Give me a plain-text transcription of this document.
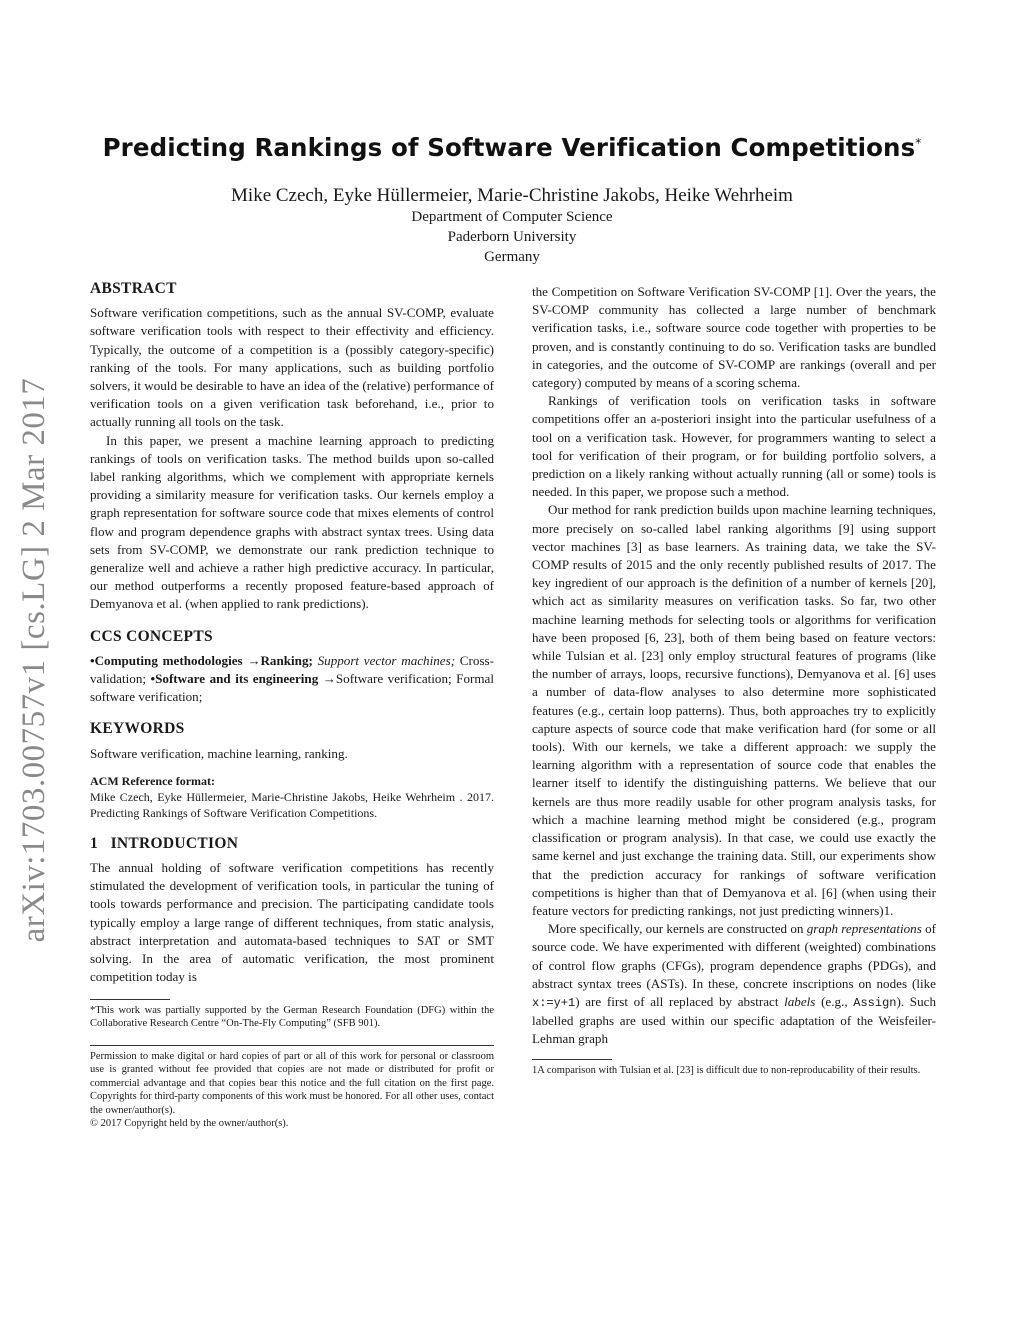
arXiv:1703.00757v1 [cs.LG] 2 Mar 2017
Predicting Rankings of Software Verification Competitions*
Mike Czech, Eyke Hüllermeier, Marie-Christine Jakobs, Heike Wehrheim
Department of Computer Science
Paderborn University
Germany
ABSTRACT

Software verification competitions, such as the annual SV-COMP, evaluate software verification tools with respect to their effectivity and efficiency. Typically, the outcome of a competition is a (possibly category-specific) ranking of the tools. For many applications, such as building portfolio solvers, it would be desirable to have an idea of the (relative) performance of verification tools on a given verification task beforehand, i.e., prior to actually running all tools on the task.

In this paper, we present a machine learning approach to predicting rankings of tools on verification tasks. The method builds upon so-called label ranking algorithms, which we complement with appropriate kernels providing a similarity measure for verification tasks. Our kernels employ a graph representation for software source code that mixes elements of control flow and program dependence graphs with abstract syntax trees. Using data sets from SV-COMP, we demonstrate our rank prediction technique to generalize well and achieve a rather high predictive accuracy. In particular, our method outperforms a recently proposed feature-based approach of Demyanova et al. (when applied to rank predictions).

CCS CONCEPTS

•Computing methodologies →Ranking; Support vector machines; Cross-validation; •Software and its engineering →Software verification; Formal software verification;

KEYWORDS

Software verification, machine learning, ranking.

ACM Reference format:

Mike Czech, Eyke Hüllermeier, Marie-Christine Jakobs, Heike Wehrheim . 2017. Predicting Rankings of Software Verification Competitions.

1   INTRODUCTION

The annual holding of software verification competitions has recently stimulated the development of verification tools, in particular the tuning of tools towards performance and precision. The participating candidate tools typically employ a large range of different techniques, from static analysis, abstract interpretation and automata-based techniques to SAT or SMT solving. In the area of automatic verification, the most prominent competition today is

*This work was partially supported by the German Research Foundation (DFG) within the Collaborative Research Centre “On-The-Fly Computing” (SFB 901).

Permission to make digital or hard copies of part or all of this work for personal or classroom use is granted without fee provided that copies are not made or distributed for profit or commercial advantage and that copies bear this notice and the full citation on the first page. Copyrights for third-party components of this work must be honored. For all other uses, contact the owner/author(s).

© 2017 Copyright held by the owner/author(s).

the Competition on Software Verification SV-COMP [1]. Over the years, the SV-COMP community has collected a large number of benchmark verification tasks, i.e., software source code together with properties to be proven, and is constantly continuing to do so. Verification tasks are bundled in categories, and the outcome of SV-COMP are rankings (overall and per category) computed by means of a scoring schema.

Rankings of verification tools on verification tasks in software competitions offer an a-posteriori insight into the particular usefulness of a tool on a verification task. However, for programmers wanting to select a tool for verification of their program, or for building portfolio solvers, a prediction on a likely ranking without actually running (all or some) tools is needed. In this paper, we propose such a method.

Our method for rank prediction builds upon machine learning techniques, more precisely on so-called label ranking algorithms [9] using support vector machines [3] as base learners. As training data, we take the SV-COMP results of 2015 and the only recently published results of 2017. The key ingredient of our approach is the definition of a number of kernels [20], which act as similarity measures on verification tasks. So far, two other machine learning methods for selecting tools or algorithms for verification have been proposed [6, 23], both of them being based on feature vectors: while Tulsian et al. [23] only employ structural features of programs (like the number of arrays, loops, recursive functions), Demyanova et al. [6] uses a number of data-flow analyses to also determine more sophisticated features (e.g., certain loop patterns). Thus, both approaches try to explicitly capture aspects of source code that make verification hard (for some or all tools). With our kernels, we take a different approach: we supply the learning algorithm with a representation of source code that enables the learner itself to identify the distinguishing patterns. We believe that our kernels are thus more readily usable for other program analysis tasks, for which a machine learning method might be considered (e.g., program classification or program analysis). In that case, we could use exactly the same kernel and just exchange the training data. Still, our experiments show that the prediction accuracy for rankings of software verification competitions is higher than that of Demyanova et al. [6] (when using their feature vectors for predicting rankings, not just predicting winners)1.

More specifically, our kernels are constructed on graph representations of source code. We have experimented with different (weighted) combinations of control flow graphs (CFGs), program dependence graphs (PDGs), and abstract syntax trees (ASTs). In these, concrete inscriptions on nodes (like x:=y+1) are first of all replaced by abstract labels (e.g., Assign). Such labelled graphs are used within our specific adaptation of the Weisfeiler-Lehman graph

1A comparison with Tulsian et al. [23] is difficult due to non-reproducability of their results.
